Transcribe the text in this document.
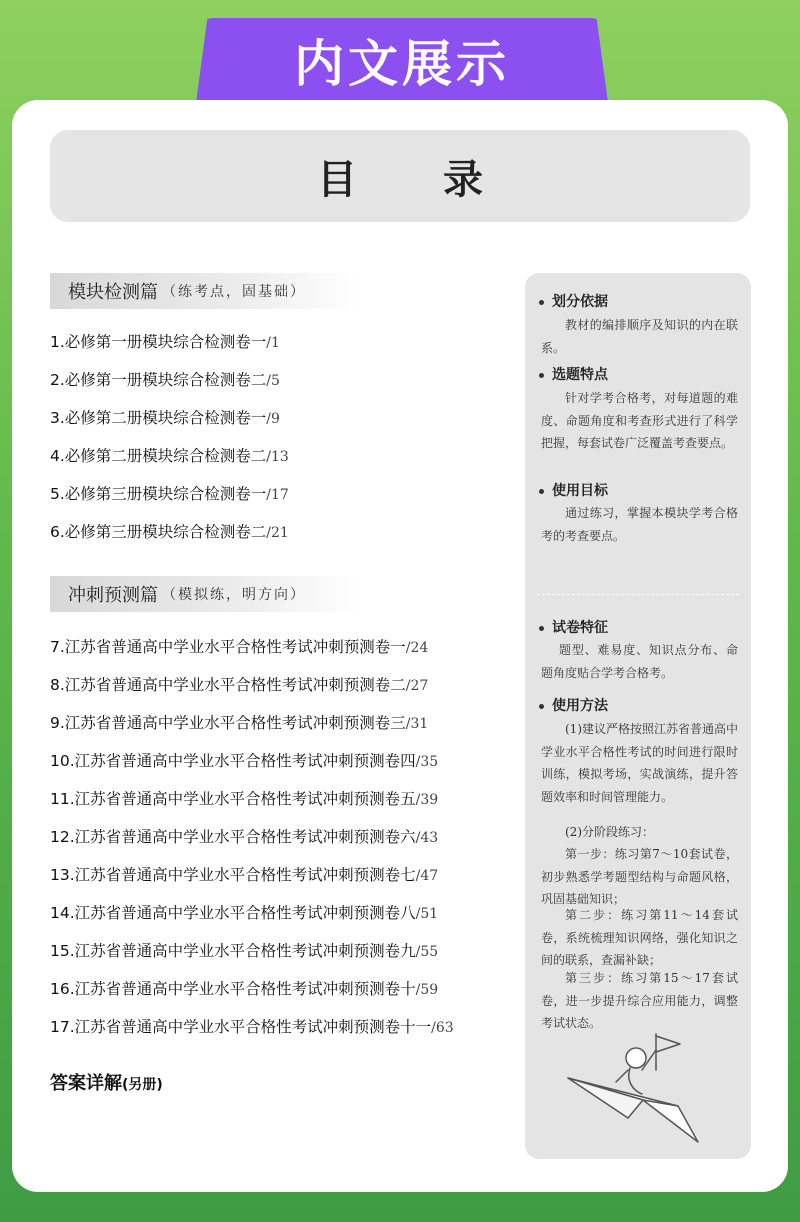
内文展示
目 录
模块检测篇 （练考点，固基础）
1.必修第一册模块综合检测卷一/1
2.必修第一册模块综合检测卷二/5
3.必修第二册模块综合检测卷一/9
4.必修第二册模块综合检测卷二/13
5.必修第三册模块综合检测卷一/17
6.必修第三册模块综合检测卷二/21
冲刺预测篇 （模拟练，明方向）
7.江苏省普通高中学业水平合格性考试冲刺预测卷一/24
8.江苏省普通高中学业水平合格性考试冲刺预测卷二/27
9.江苏省普通高中学业水平合格性考试冲刺预测卷三/31
10.江苏省普通高中学业水平合格性考试冲刺预测卷四/35
11.江苏省普通高中学业水平合格性考试冲刺预测卷五/39
12.江苏省普通高中学业水平合格性考试冲刺预测卷六/43
13.江苏省普通高中学业水平合格性考试冲刺预测卷七/47
14.江苏省普通高中学业水平合格性考试冲刺预测卷八/51
15.江苏省普通高中学业水平合格性考试冲刺预测卷九/55
16.江苏省普通高中学业水平合格性考试冲刺预测卷十/59
17.江苏省普通高中学业水平合格性考试冲刺预测卷十一/63
答案详解(另册)
划分依据
教材的编排顺序及知识的内在联系。
选题特点
针对学考合格考，对每道题的难度、命题角度和考查形式进行了科学把握，每套试卷广泛覆盖考查要点。
使用目标
通过练习，掌握本模块学考合格考的考查要点。
试卷特征
题型、难易度、知识点分布、命题角度贴合学考合格考。
使用方法
(1)建议严格按照江苏省普通高中学业水平合格性考试的时间进行限时训练，模拟考场，实战演练，提升答题效率和时间管理能力。
(2)分阶段练习：
第一步：练习第7～10套试卷，初步熟悉学考题型结构与命题风格，巩固基础知识；
第二步：练习第11～14套试卷，系统梳理知识网络，强化知识之间的联系，查漏补缺；
第三步：练习第15～17套试卷，进一步提升综合应用能力，调整考试状态。
